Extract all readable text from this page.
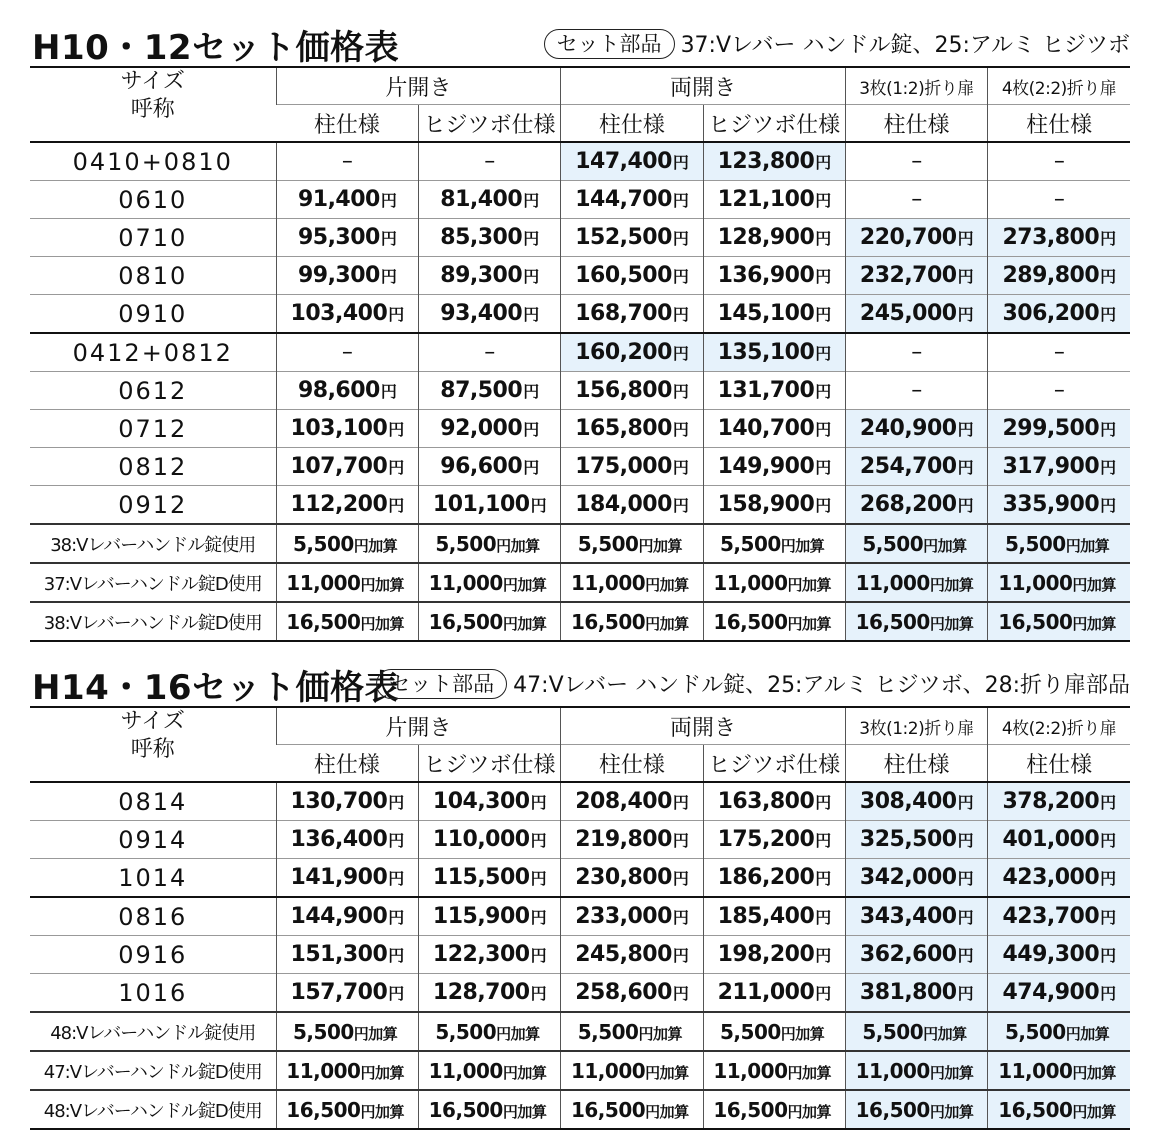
H10・12セット価格表	セット部品 37:Vレバー ハンドル錠、25:アルミ ヒジツボ
サイズ
呼称	片開き		両開き		3枚(1:2)折り扉	4枚(2:2)折り扉
	柱仕様	ヒジツボ仕様	柱仕様	ヒジツボ仕様	柱仕様	柱仕様
0410+0810	–	–	147,400円	123,800円	–	–
0610	91,400円	81,400円	144,700円	121,100円	–	–
0710	95,300円	85,300円	152,500円	128,900円	220,700円	273,800円
0810	99,300円	89,300円	160,500円	136,900円	232,700円	289,800円
0910	103,400円	93,400円	168,700円	145,100円	245,000円	306,200円
0412+0812	–	–	160,200円	135,100円	–	–
0612	98,600円	87,500円	156,800円	131,700円	–	–
0712	103,100円	92,000円	165,800円	140,700円	240,900円	299,500円
0812	107,700円	96,600円	175,000円	149,900円	254,700円	317,900円
0912	112,200円	101,100円	184,000円	158,900円	268,200円	335,900円
38:Vレバーハンドル錠使用	5,500円加算	5,500円加算	5,500円加算	5,500円加算	5,500円加算	5,500円加算
37:Vレバーハンドル錠D使用	11,000円加算	11,000円加算	11,000円加算	11,000円加算	11,000円加算	11,000円加算
38:Vレバーハンドル錠D使用	16,500円加算	16,500円加算	16,500円加算	16,500円加算	16,500円加算	16,500円加算
H14・16セット価格表
セット部品 47:Vレバー ハンドル錠、25:アルミ ヒジツボ、28:折り扉部品
サイズ
呼称	片開き		両開き		3枚(1:2)折り扉	4枚(2:2)折り扉
	柱仕様	ヒジツボ仕様	柱仕様	ヒジツボ仕様	柱仕様	柱仕様
0814	130,700円	104,300円	208,400円	163,800円	308,400円	378,200円
0914	136,400円	110,000円	219,800円	175,200円	325,500円	401,000円
1014	141,900円	115,500円	230,800円	186,200円	342,000円	423,000円
0816	144,900円	115,900円	233,000円	185,400円	343,400円	423,700円
0916	151,300円	122,300円	245,800円	198,200円	362,600円	449,300円
1016	157,700円	128,700円	258,600円	211,000円	381,800円	474,900円
48:Vレバーハンドル錠使用	5,500円加算	5,500円加算	5,500円加算	5,500円加算	5,500円加算	5,500円加算
47:Vレバーハンドル錠D使用	11,000円加算	11,000円加算	11,000円加算	11,000円加算	11,000円加算	11,000円加算
48:Vレバーハンドル錠D使用	16,500円加算	16,500円加算	16,500円加算	16,500円加算	16,500円加算	16,500円加算
